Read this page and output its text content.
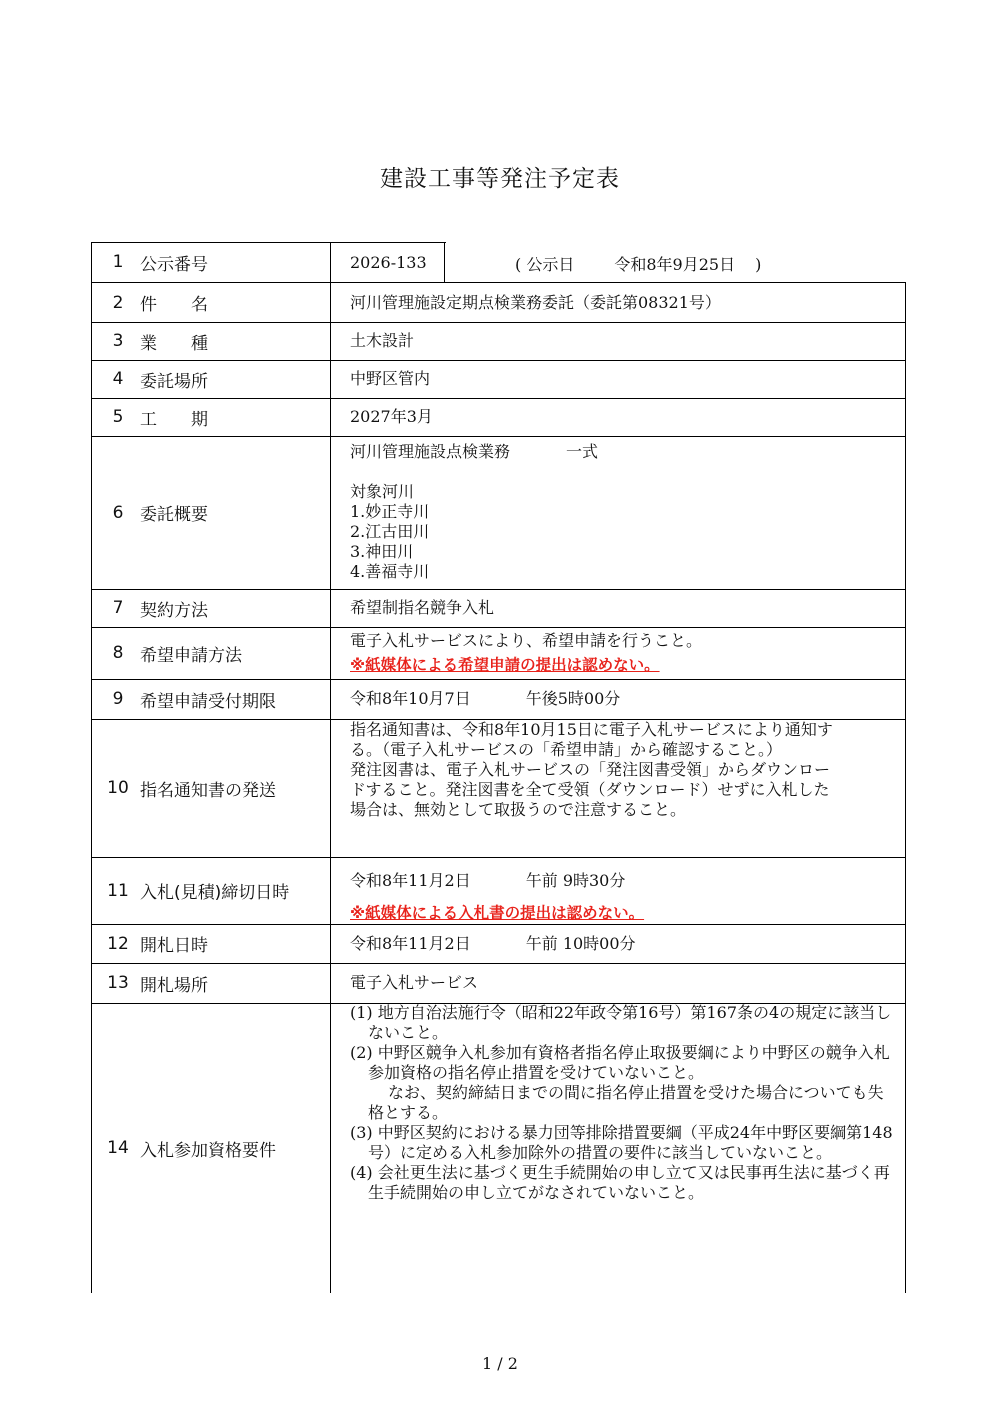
建設工事等発注予定表
1 公示番号	2026-133	( 公示日	令和8年9月25日 )
2 件　　名	河川管理施設定期点検業務委託（委託第08321号）
3 業　　種	土木設計
4 委託場所	中野区管内
5 工　　期	2027年3月
6 委託概要
河川管理施設点検業務	一式
対象河川
1.妙正寺川
2.江古田川
3.神田川
4.善福寺川
7 契約方法	希望制指名競争入札
8 希望申請方法
電子入札サービスにより、希望申請を行うこと。
※紙媒体による希望申請の提出は認めない。
9 希望申請受付期限	令和8年10月7日	午後5時00分
10 指名通知書の発送
指名通知書は、令和8年10月15日に電子入札サービスにより通知す
る。（電子入札サービスの「希望申請」から確認すること。）
発注図書は、電子入札サービスの「発注図書受領」からダウンロー
ドすること。発注図書を全て受領（ダウンロード）せずに入札した
場合は、無効として取扱うので注意すること。
11 入札(見積)締切日時
令和8年11月2日	午前 9時30分
※紙媒体による入札書の提出は認めない。
12 開札日時	令和8年11月2日	午前 10時00分
13 開札場所	電子入札サービス
14 入札参加資格要件
(1) 地方自治法施行令（昭和22年政令第16号）第167条の4の規定に該当しないこと。
(2) 中野区競争入札参加有資格者指名停止取扱要綱により中野区の競争入札参加資格の指名停止措置を受けていないこと。
なお、契約締結日までの間に指名停止措置を受けた場合についても失格とする。
(3) 中野区契約における暴力団等排除措置要綱（平成24年中野区要綱第148号）に定める入札参加除外の措置の要件に該当していないこと。
(4) 会社更生法に基づく更生手続開始の申し立て又は民事再生法に基づく再生手続開始の申し立てがなされていないこと。
1 / 2
